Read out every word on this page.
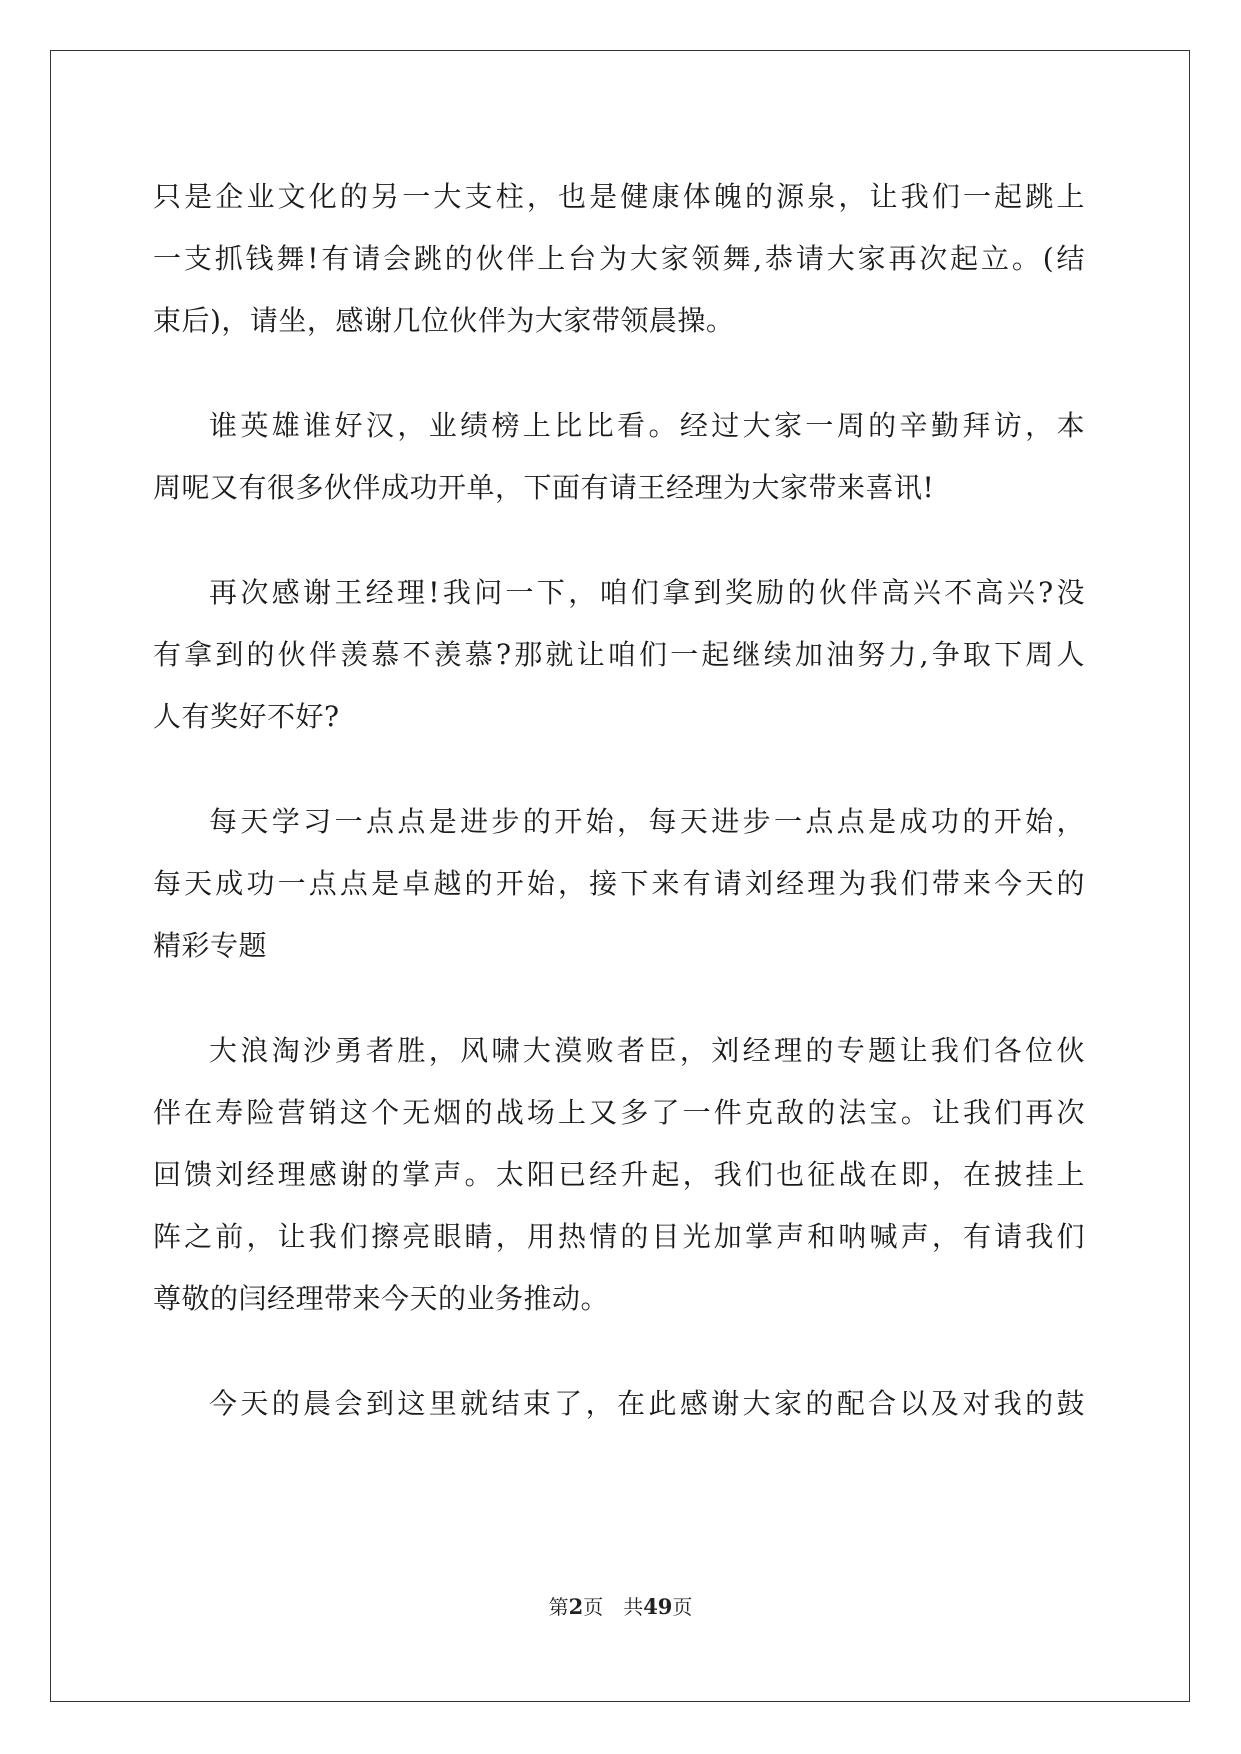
只是企业文化的另一大支柱，也是健康体魄的源泉，让我们一起跳上
一支抓钱舞!有请会跳的伙伴上台为大家领舞,恭请大家再次起立。(结
束后)，请坐，感谢几位伙伴为大家带领晨操。
谁英雄谁好汉，业绩榜上比比看。经过大家一周的辛勤拜访，本
周呢又有很多伙伴成功开单，下面有请王经理为大家带来喜讯!
再次感谢王经理!我问一下，咱们拿到奖励的伙伴高兴不高兴?没
有拿到的伙伴羡慕不羡慕?那就让咱们一起继续加油努力,争取下周人
人有奖好不好?
每天学习一点点是进步的开始，每天进步一点点是成功的开始，
每天成功一点点是卓越的开始，接下来有请刘经理为我们带来今天的
精彩专题
大浪淘沙勇者胜，风啸大漠败者臣，刘经理的专题让我们各位伙
伴在寿险营销这个无烟的战场上又多了一件克敌的法宝。让我们再次
回馈刘经理感谢的掌声。太阳已经升起，我们也征战在即，在披挂上
阵之前，让我们擦亮眼睛，用热情的目光加掌声和呐喊声，有请我们
尊敬的闫经理带来今天的业务推动。
今天的晨会到这里就结束了，在此感谢大家的配合以及对我的鼓
第2页 共49页
